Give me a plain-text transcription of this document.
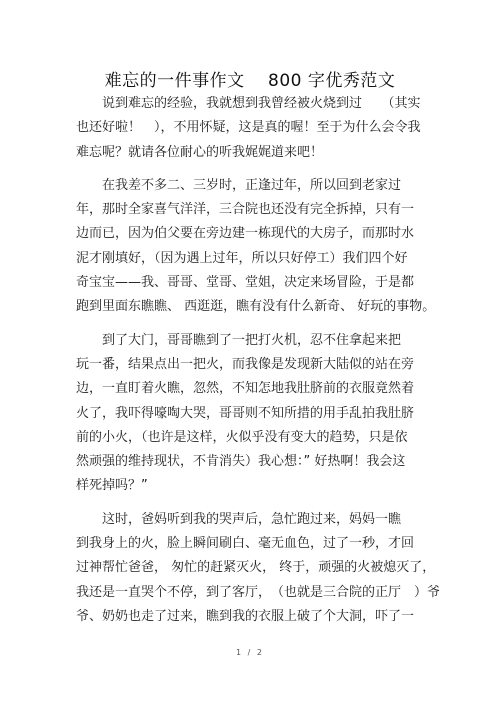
难忘的一件事作文　 800 字优秀范文
　　说到难忘的经验，我就想到我曾经被火烧到过　　（其实
也还好啦！　），不用怀疑，这是真的喔！至于为什么会令我
难忘呢？就请各位耐心的听我娓娓道来吧！
　　在我差不多二、三岁时，正逢过年，所以回到老家过
年，那时全家喜气洋洋，三合院也还没有完全拆掉，只有一
边而已，因为伯父要在旁边建一栋现代的大房子，而那时水
泥才刚填好，（因为遇上过年，所以只好停工）我们四个好
奇宝宝——我、哥哥、堂哥、堂姐，决定来场冒险，于是都
跑到里面东瞧瞧、 西逛逛，瞧有没有什么新奇、 好玩的事物。
　　到了大门，哥哥瞧到了一把打火机，忍不住拿起来把
玩一番，结果点出一把火，而我像是发现新大陆似的站在旁
边，一直盯着火瞧，忽然，不知怎地我肚脐前的衣服竟然着
火了，我吓得嚎啕大哭，哥哥则不知所措的用手乱拍我肚脐
前的小火，（也许是这样，火似乎没有变大的趋势，只是依
然顽强的维持现状，不肯消失）我心想：” 好热啊！我会这
样死掉吗？”
　　这时，爸妈听到我的哭声后，急忙跑过来，妈妈一瞧
到我身上的火，脸上瞬间刷白、毫无血色，过了一秒，才回
过神帮忙爸爸， 匆忙的赶紧灭火， 终于，顽强的火被熄灭了，
我还是一直哭个不停，到了客厅，　（也就是三合院的正厅　）爷
爷、奶奶也走了过来，瞧到我的衣服上破了个大洞，吓了一
1 / 2
